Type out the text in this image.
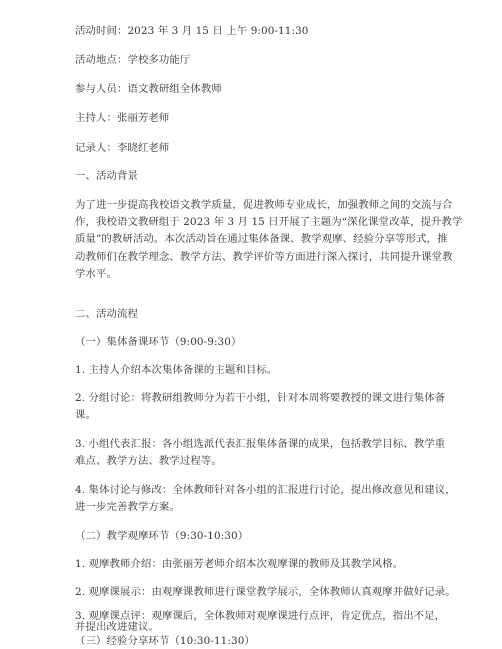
活动时间：2023 年 3 月 15 日 上午 9:00-11:30
活动地点：学校多功能厅
参与人员：语文教研组全体教师
主持人：张丽芳老师
记录人：李晓红老师
一、活动背景
为了进一步提高我校语文教学质量，促进教师专业成长，加强教师之间的交流与合
作，我校语文教研组于 2023 年 3 月 15 日开展了主题为“深化课堂改革，提升教学
质量”的教研活动。本次活动旨在通过集体备课、教学观摩、经验分享等形式，推
动教师们在教学理念、教学方法、教学评价等方面进行深入探讨，共同提升课堂教
学水平。
二、活动流程
（一）集体备课环节（9:00-9:30）
1. 主持人介绍本次集体备课的主题和目标。
2. 分组讨论：将教研组教师分为若干小组，针对本周将要教授的课文进行集体备
课。
3. 小组代表汇报：各小组选派代表汇报集体备课的成果，包括教学目标、教学重
难点、教学方法、教学过程等。
4. 集体讨论与修改：全体教师针对各小组的汇报进行讨论，提出修改意见和建议，
进一步完善教学方案。
（二）教学观摩环节（9:30-10:30）
1. 观摩教师介绍：由张丽芳老师介绍本次观摩课的教师及其教学风格。
2. 观摩课展示：由观摩课教师进行课堂教学展示，全体教师认真观摩并做好记录。
3. 观摩课点评：观摩课后，全体教师对观摩课进行点评，肯定优点，指出不足，
并提出改进建议。
（三）经验分享环节（10:30-11:30）
